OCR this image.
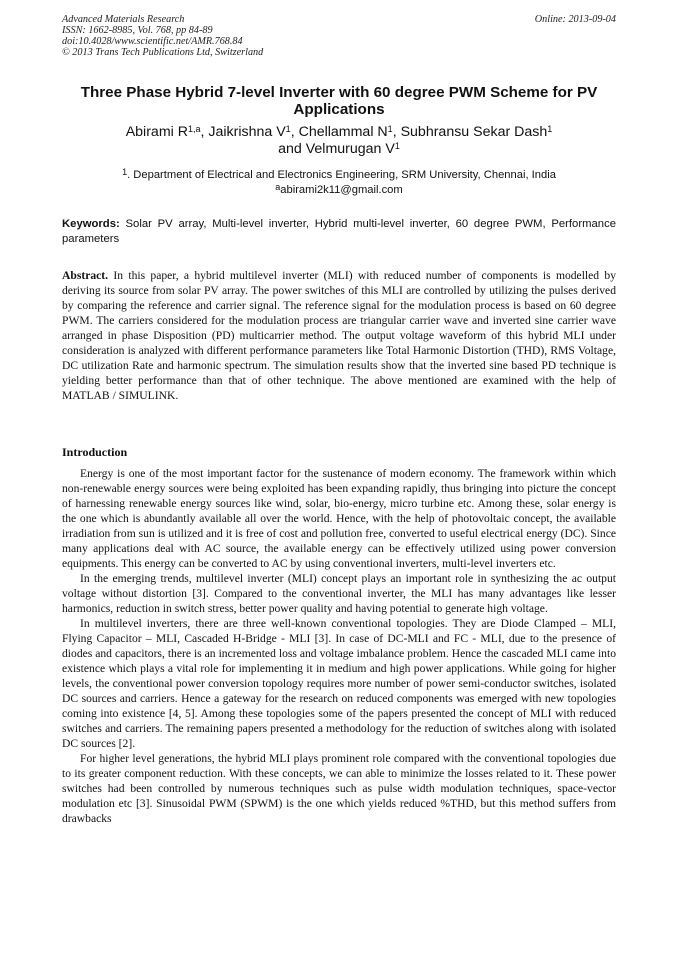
Advanced Materials Research
ISSN: 1662-8985, Vol. 768, pp 84-89
doi:10.4028/www.scientific.net/AMR.768.84
© 2013 Trans Tech Publications Ltd, Switzerland
Online: 2013-09-04
Three Phase Hybrid 7-level Inverter with 60 degree PWM Scheme for PV Applications
Abirami R$^{1,a}$, Jaikrishna $V^1$, Chellammal $N^1$, Subhransu Sekar Dash$^1$
and Velmurugan $V^1$
$^1$. Department of Electrical and Electronics Engineering, SRM University, Chennai, India
$^a$abirami2k11@gmail.com
Keywords: Solar PV array, Multi-level inverter, Hybrid multi-level inverter, 60 degree PWM, Performance parameters
Abstract. In this paper, a hybrid multilevel inverter (MLI) with reduced number of components is modelled by deriving its source from solar PV array. The power switches of this MLI are controlled by utilizing the pulses derived by comparing the reference and carrier signal. The reference signal for the modulation process is based on 60 degree PWM. The carriers considered for the modulation process are triangular carrier wave and inverted sine carrier wave arranged in phase Disposition (PD) multicarrier method. The output voltage waveform of this hybrid MLI under consideration is analyzed with different performance parameters like Total Harmonic Distortion (THD), RMS Voltage, DC utilization Rate and harmonic spectrum. The simulation results show that the inverted sine based PD technique is yielding better performance than that of other technique. The above mentioned are examined with the help of MATLAB / SIMULINK.
Introduction

Energy is one of the most important factor for the sustenance of modern economy. The framework within which non-renewable energy sources were being exploited has been expanding rapidly, thus bringing into picture the concept of harnessing renewable energy sources like wind, solar, bio-energy, micro turbine etc. Among these, solar energy is the one which is abundantly available all over the world. Hence, with the help of photovoltaic concept, the available irradiation from sun is utilized and it is free of cost and pollution free, converted to useful electrical energy (DC). Since many applications deal with AC source, the available energy can be effectively utilized using power conversion equipments. This energy can be converted to AC by using conventional inverters, multi-level inverters etc.

In the emerging trends, multilevel inverter (MLI) concept plays an important role in synthesizing the ac output voltage without distortion [3]. Compared to the conventional inverter, the MLI has many advantages like lesser harmonics, reduction in switch stress, better power quality and having potential to generate high voltage.

In multilevel inverters, there are three well-known conventional topologies. They are Diode Clamped – MLI, Flying Capacitor – MLI, Cascaded H-Bridge - MLI [3]. In case of DC-MLI and FC - MLI, due to the presence of diodes and capacitors, there is an incremented loss and voltage imbalance problem. Hence the cascaded MLI came into existence which plays a vital role for implementing it in medium and high power applications. While going for higher levels, the conventional power conversion topology requires more number of power semi-conductor switches, isolated DC sources and carriers. Hence a gateway for the research on reduced components was emerged with new topologies coming into existence [4, 5]. Among these topologies some of the papers presented the concept of MLI with reduced switches and carriers. The remaining papers presented a methodology for the reduction of switches along with isolated DC sources [2].

For higher level generations, the hybrid MLI plays prominent role compared with the conventional topologies due to its greater component reduction. With these concepts, we can able to minimize the losses related to it. These power switches had been controlled by numerous techniques such as pulse width modulation techniques, space-vector modulation etc [3]. Sinusoidal PWM (SPWM) is the one which yields reduced %THD, but this method suffers from drawbacks
